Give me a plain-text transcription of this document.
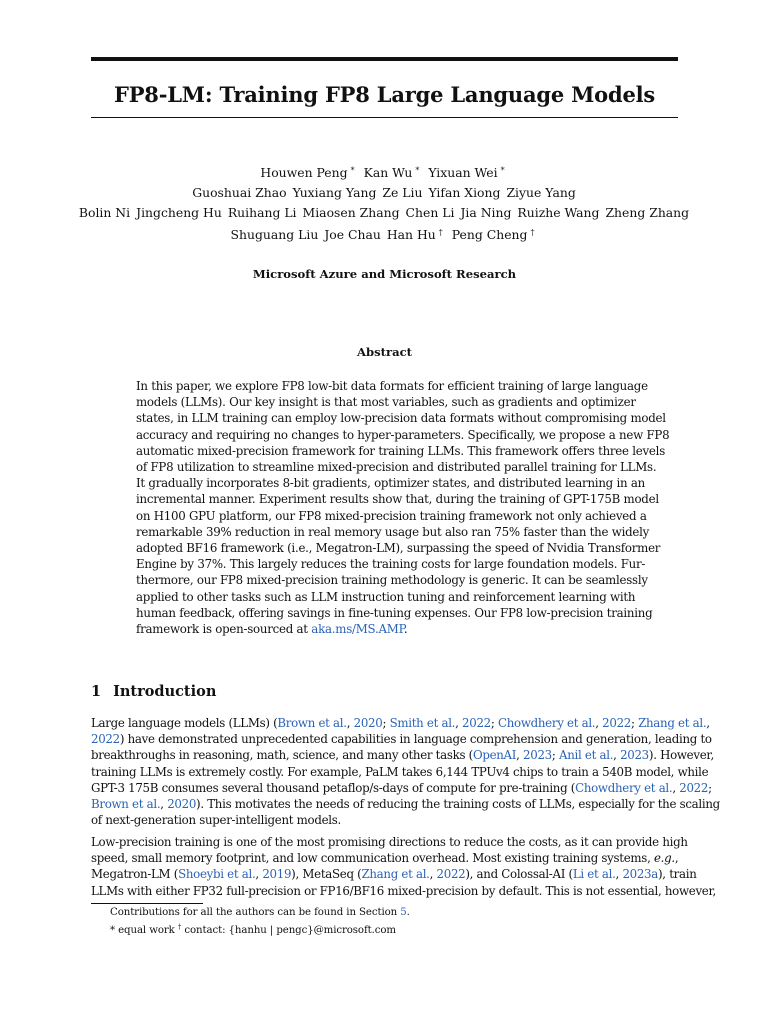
FP8-LM: Training FP8 Large Language Models
Houwen Peng * Kan Wu * Yixuan Wei *
Guoshuai Zhao Yuxiang Yang Ze Liu Yifan Xiong Ziyue Yang
Bolin Ni Jingcheng Hu Ruihang Li Miaosen Zhang Chen Li Jia Ning Ruizhe Wang Zheng Zhang
Shuguang Liu Joe Chau Han Hu † Peng Cheng †
Microsoft Azure and Microsoft Research
Abstract
In this paper, we explore FP8 low-bit data formats for efficient training of large language
models (LLMs). Our key insight is that most variables, such as gradients and optimizer
states, in LLM training can employ low-precision data formats without compromising model
accuracy and requiring no changes to hyper-parameters. Specifically, we propose a new FP8
automatic mixed-precision framework for training LLMs. This framework offers three levels
of FP8 utilization to streamline mixed-precision and distributed parallel training for LLMs.
It gradually incorporates 8-bit gradients, optimizer states, and distributed learning in an
incremental manner. Experiment results show that, during the training of GPT-175B model
on H100 GPU platform, our FP8 mixed-precision training framework not only achieved a
remarkable 39% reduction in real memory usage but also ran 75% faster than the widely
adopted BF16 framework (i.e., Megatron-LM), surpassing the speed of Nvidia Transformer
Engine by 37%. This largely reduces the training costs for large foundation models. Fur-
thermore, our FP8 mixed-precision training methodology is generic. It can be seamlessly
applied to other tasks such as LLM instruction tuning and reinforcement learning with
human feedback, offering savings in fine-tuning expenses. Our FP8 low-precision training
framework is open-sourced at aka.ms/MS.AMP.
1 Introduction
Large language models (LLMs) (Brown et al., 2020; Smith et al., 2022; Chowdhery et al., 2022; Zhang et al.,
2022) have demonstrated unprecedented capabilities in language comprehension and generation, leading to
breakthroughs in reasoning, math, science, and many other tasks (OpenAI, 2023; Anil et al., 2023). However,
training LLMs is extremely costly. For example, PaLM takes 6,144 TPUv4 chips to train a 540B model, while
GPT-3 175B consumes several thousand petaflop/s-days of compute for pre-training (Chowdhery et al., 2022;
Brown et al., 2020). This motivates the needs of reducing the training costs of LLMs, especially for the scaling
of next-generation super-intelligent models.
Low-precision training is one of the most promising directions to reduce the costs, as it can provide high
speed, small memory footprint, and low communication overhead. Most existing training systems, e.g.,
Megatron-LM (Shoeybi et al., 2019), MetaSeq (Zhang et al., 2022), and Colossal-AI (Li et al., 2023a), train
LLMs with either FP32 full-precision or FP16/BF16 mixed-precision by default. This is not essential, however,
Contributions for all the authors can be found in Section 5.
* equal work † contact: {hanhu | pengc}@microsoft.com
